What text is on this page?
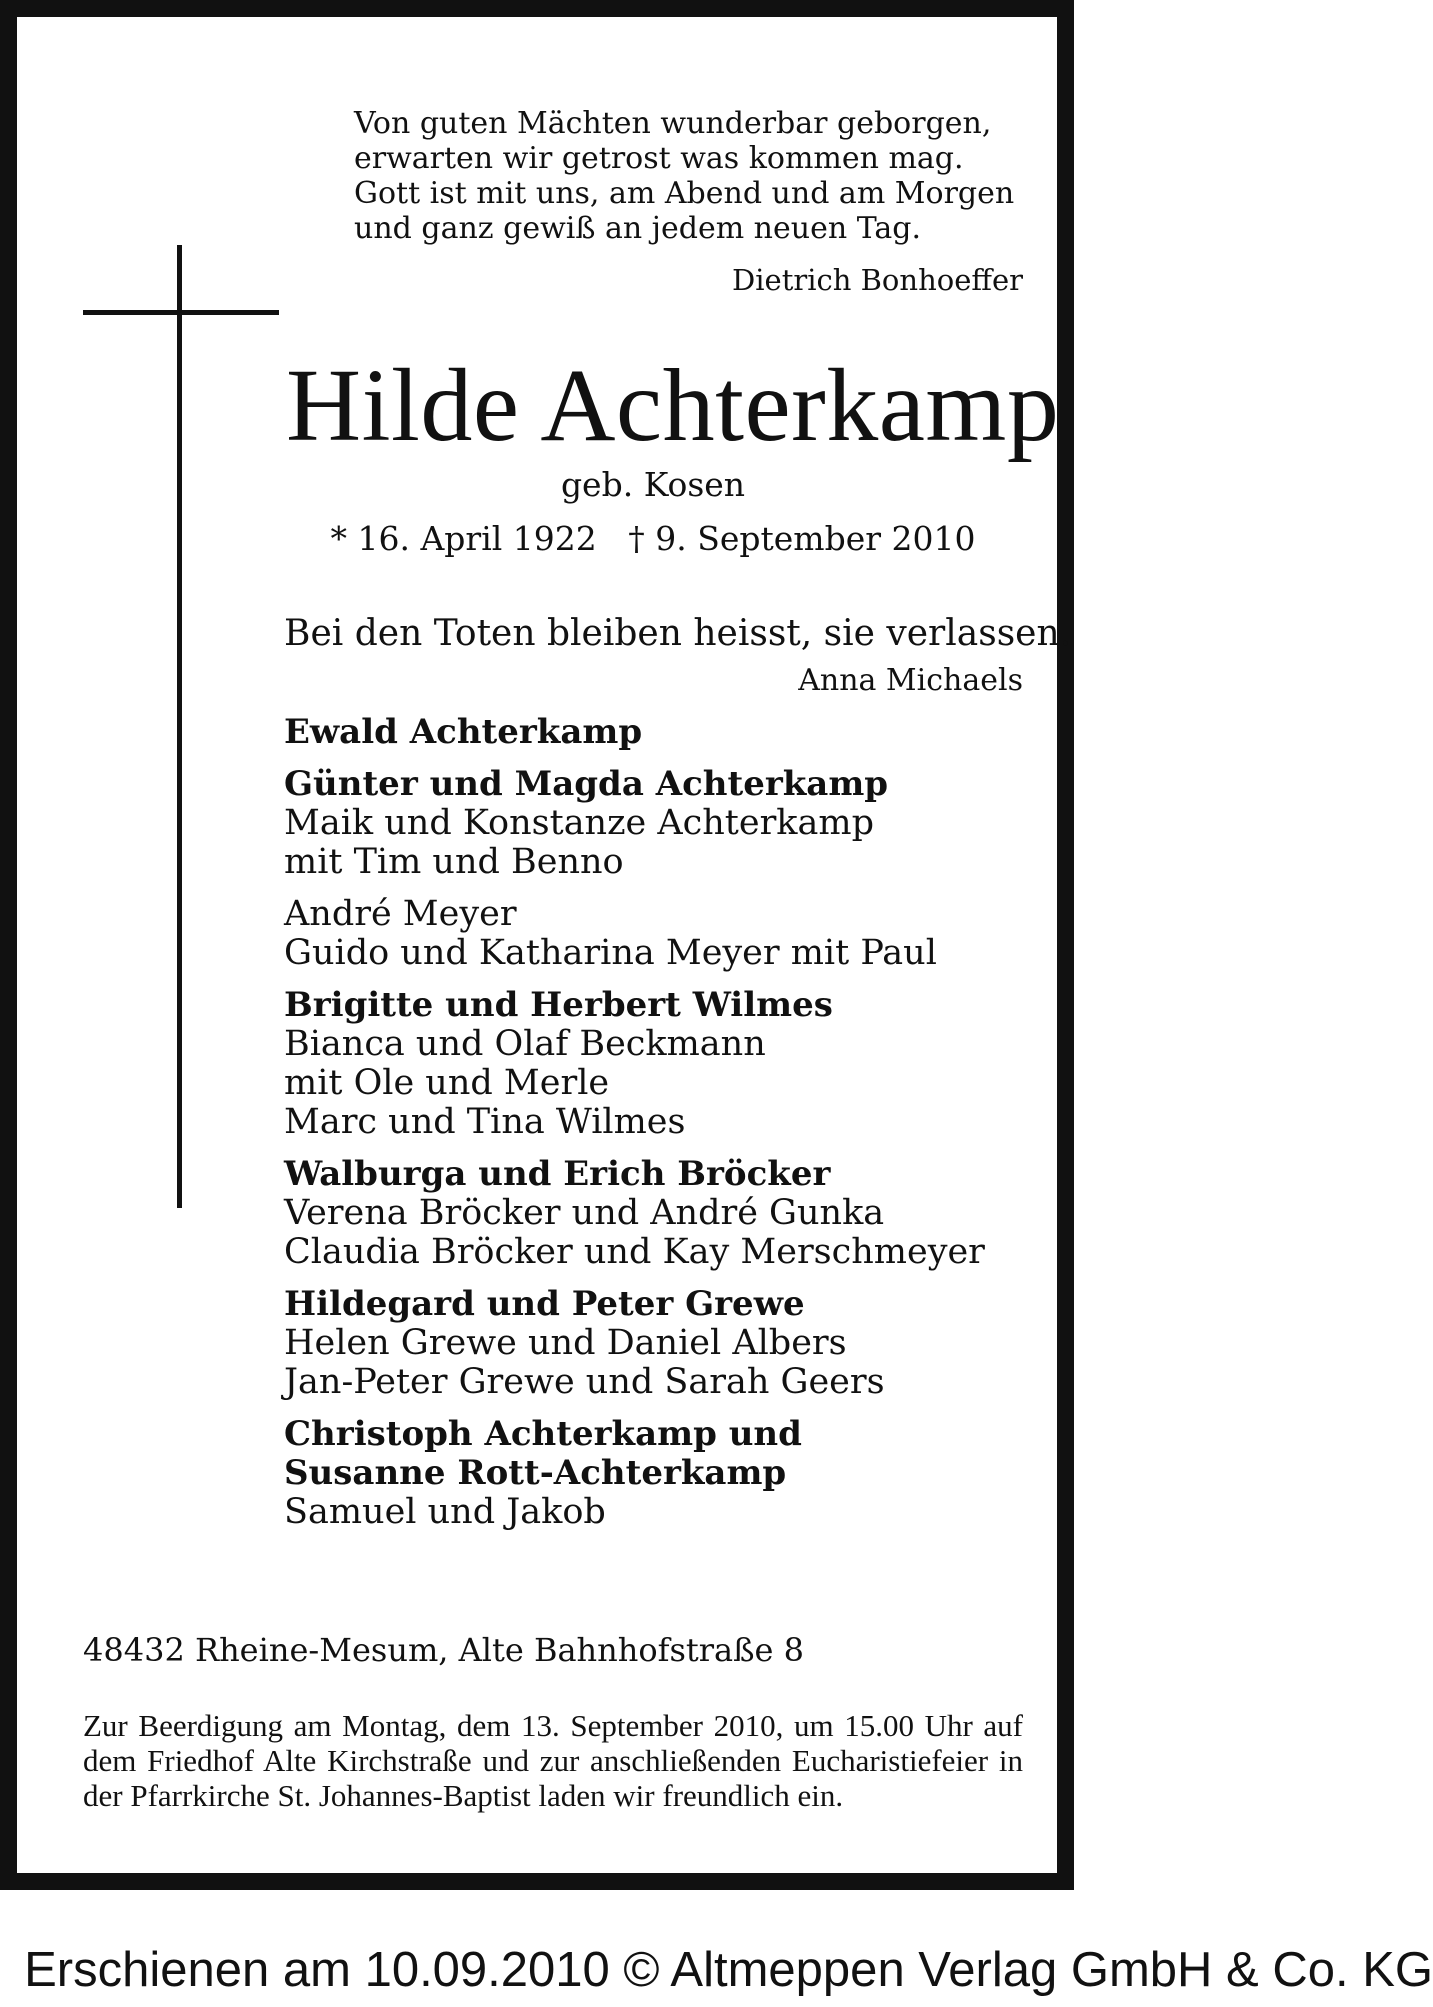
Von guten Mächten wunderbar geborgen,
erwarten wir getrost was kommen mag.
Gott ist mit uns, am Abend und am Morgen
und ganz gewiß an jedem neuen Tag.
Dietrich Bonhoeffer
Hilde Achterkamp
geb. Kosen
* 16. April 1922   † 9. September 2010
Bei den Toten bleiben heisst, sie verlassen.
Anna Michaels
Ewald Achterkamp
Günter und Magda Achterkamp
Maik und Konstanze Achterkamp
mit Tim und Benno
André Meyer
Guido und Katharina Meyer mit Paul
Brigitte und Herbert Wilmes
Bianca und Olaf Beckmann
mit Ole und Merle
Marc und Tina Wilmes
Walburga und Erich Bröcker
Verena Bröcker und André Gunka
Claudia Bröcker und Kay Merschmeyer
Hildegard und Peter Grewe
Helen Grewe und Daniel Albers
Jan-Peter Grewe und Sarah Geers
Christoph Achterkamp und
Susanne Rott-Achterkamp
Samuel und Jakob
48432 Rheine-Mesum, Alte Bahnhofstraße 8
Zur Beerdigung am Montag, dem 13. September 2010, um 15.00 Uhr auf dem Friedhof Alte Kirchstraße und zur anschließenden Eucharistiefeier in der Pfarrkirche St. Johannes-Baptist laden wir freundlich ein.
Erschienen am 10.09.2010 © Altmeppen Verlag GmbH & Co. KG
